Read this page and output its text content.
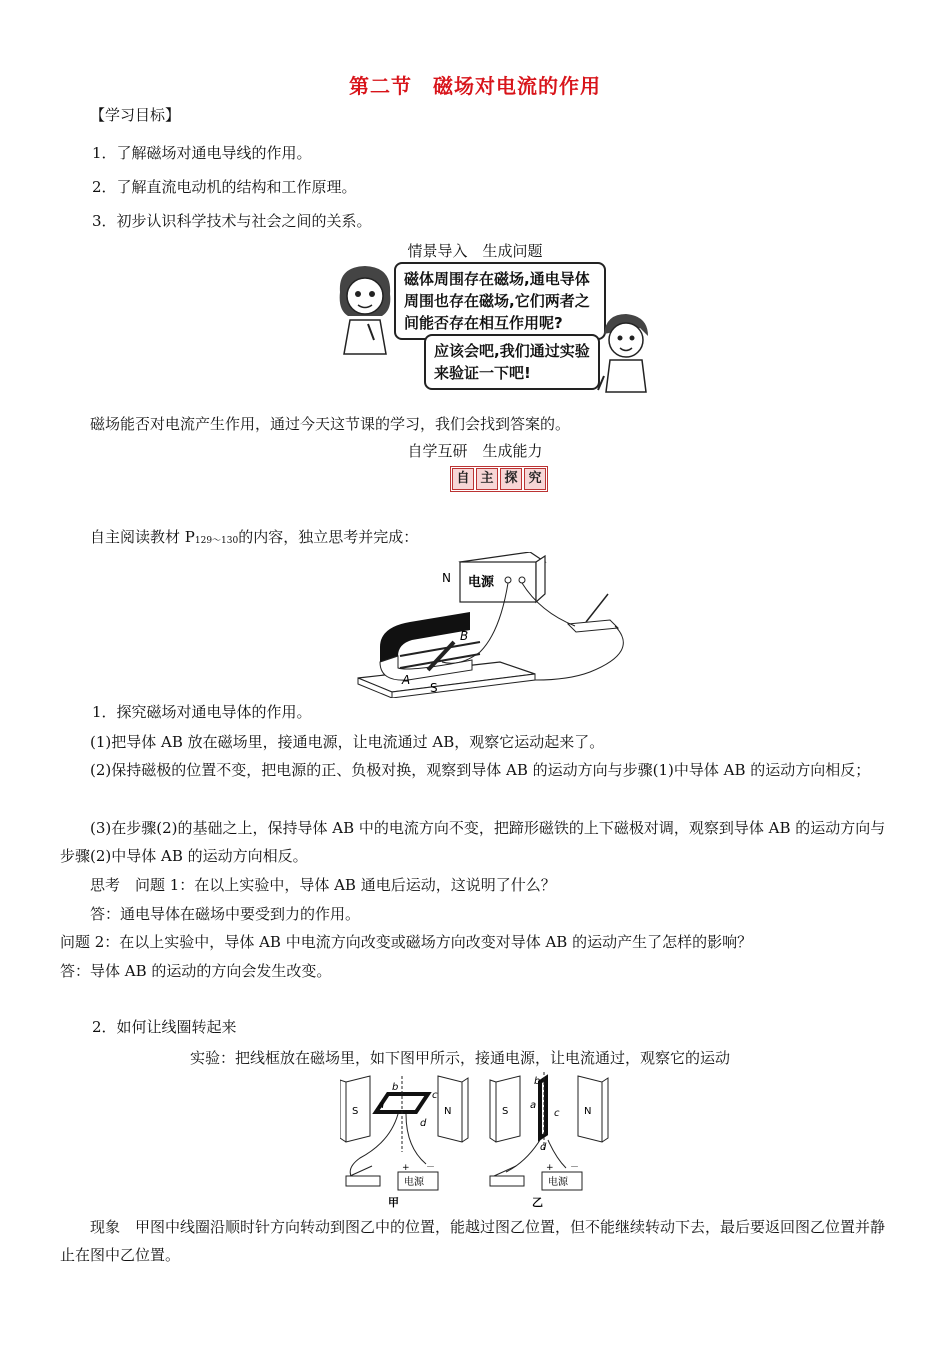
第二节　磁场对电流的作用
【学习目标】
1．了解磁场对通电导线的作用。
2．了解直流电动机的结构和工作原理。
3．初步认识科学技术与社会之间的关系。
情景导入　生成问题
磁体周围存在磁场,通电导体周围也存在磁场,它们两者之间能否存在相互作用呢?
应该会吧,我们通过实验来验证一下吧!
磁场能否对电流产生作用，通过今天这节课的学习，我们会找到答案的。
自学互研　生成能力
自 主 探 究
自主阅读教材 $P_{129\sim 130}$的内容，独立思考并完成：
电源
N
S
A
B
1．探究磁场对通电导体的作用。
(1)把导体 AB 放在磁场里，接通电源，让电流通过 AB，观察它运动起来了。
(2)保持磁极的位置不变，把电源的正、负极对换，观察到导体 AB 的运动方向与步骤(1)中导体 AB 的运动方向相反；
(3)在步骤(2)的基础之上，保持导体 AB 中的电流方向不变，把蹄形磁铁的上下磁极对调，观察到导体 AB 的运动方向与步骤(2)中导体 AB 的运动方向相反。
思考　问题 1：在以上实验中，导体 AB 通电后运动，这说明了什么？
答：通电导体在磁场中要受到力的作用。
问题 2：在以上实验中，导体 AB 中电流方向改变或磁场方向改变对导体 AB 的运动产生了怎样的影响？
答：导体 AB 的运动的方向会发生改变。
2．如何让线圈转起来
实验：把线框放在磁场里，如下图甲所示，接通电源，让电流通过，观察它的运动
S	N
b
c
a
d
+ －
电源
甲
S	N
b
a
c
d
+ －
电源
乙
现象　甲图中线圈沿顺时针方向转动到图乙中的位置，能越过图乙位置，但不能继续转动下去，最后要返回图乙位置并静止在图中乙位置。
